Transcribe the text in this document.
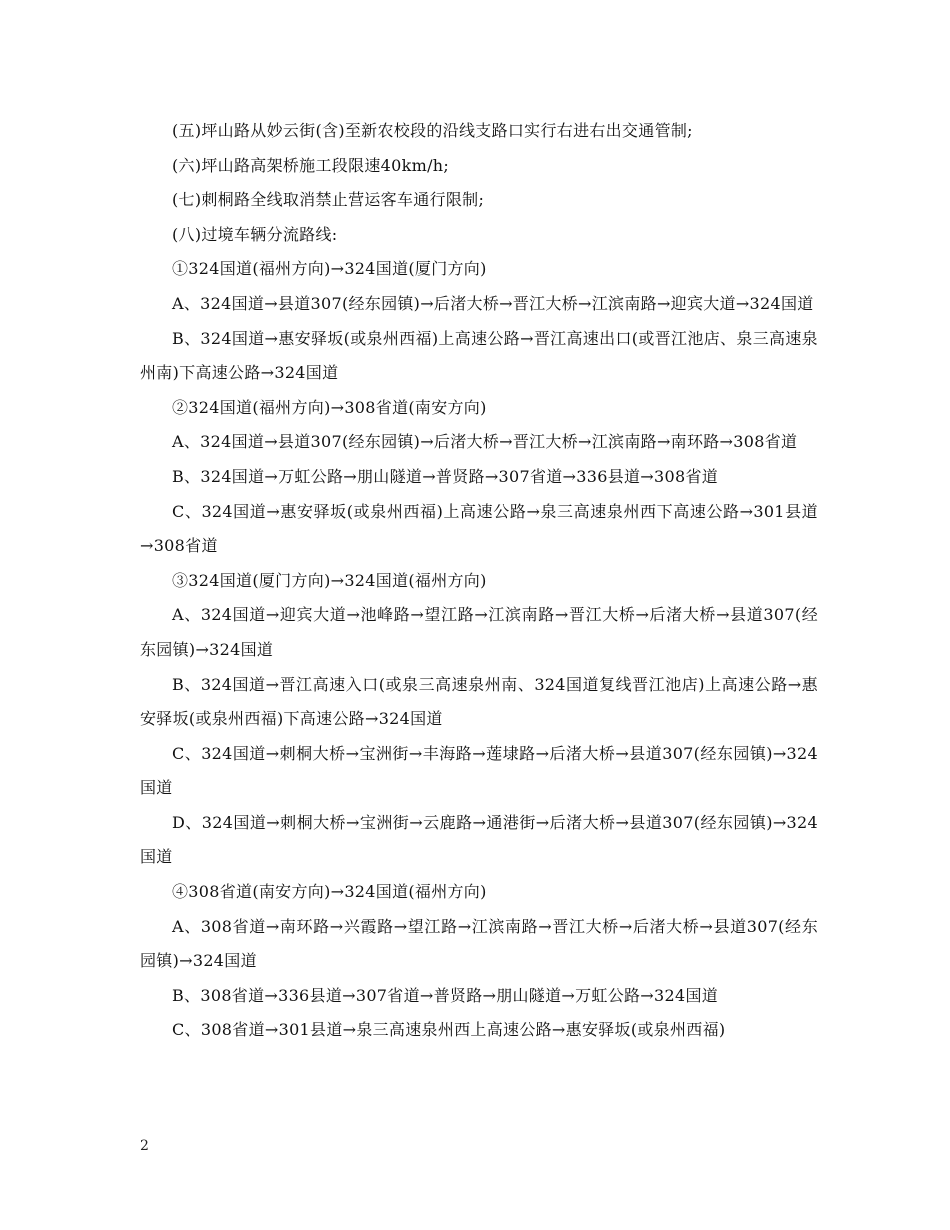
(五)坪山路从妙云街(含)至新农校段的沿线支路口实行右进右出交通管制;

(六)坪山路高架桥施工段限速40km/h;

(七)刺桐路全线取消禁止营运客车通行限制;

(八)过境车辆分流路线:

①324国道(福州方向)→324国道(厦门方向)

A、324国道→县道307(经东园镇)→后渚大桥→晋江大桥→江滨南路→迎宾大道→324国道

B、324国道→惠安驿坂(或泉州西福)上高速公路→晋江高速出口(或晋江池店、泉三高速泉州南)下高速公路→324国道

②324国道(福州方向)→308省道(南安方向)

A、324国道→县道307(经东园镇)→后渚大桥→晋江大桥→江滨南路→南环路→308省道

B、324国道→万虹公路→朋山隧道→普贤路→307省道→336县道→308省道

C、324国道→惠安驿坂(或泉州西福)上高速公路→泉三高速泉州西下高速公路→301县道→308省道

③324国道(厦门方向)→324国道(福州方向)

A、324国道→迎宾大道→池峰路→望江路→江滨南路→晋江大桥→后渚大桥→县道307(经东园镇)→324国道

B、324国道→晋江高速入口(或泉三高速泉州南、324国道复线晋江池店)上高速公路→惠安驿坂(或泉州西福)下高速公路→324国道

C、324国道→刺桐大桥→宝洲街→丰海路→莲埭路→后渚大桥→县道307(经东园镇)→324国道

D、324国道→刺桐大桥→宝洲街→云鹿路→通港街→后渚大桥→县道307(经东园镇)→324国道

④308省道(南安方向)→324国道(福州方向)

A、308省道→南环路→兴霞路→望江路→江滨南路→晋江大桥→后渚大桥→县道307(经东园镇)→324国道

B、308省道→336县道→307省道→普贤路→朋山隧道→万虹公路→324国道

C、308省道→301县道→泉三高速泉州西上高速公路→惠安驿坂(或泉州西福)

2
